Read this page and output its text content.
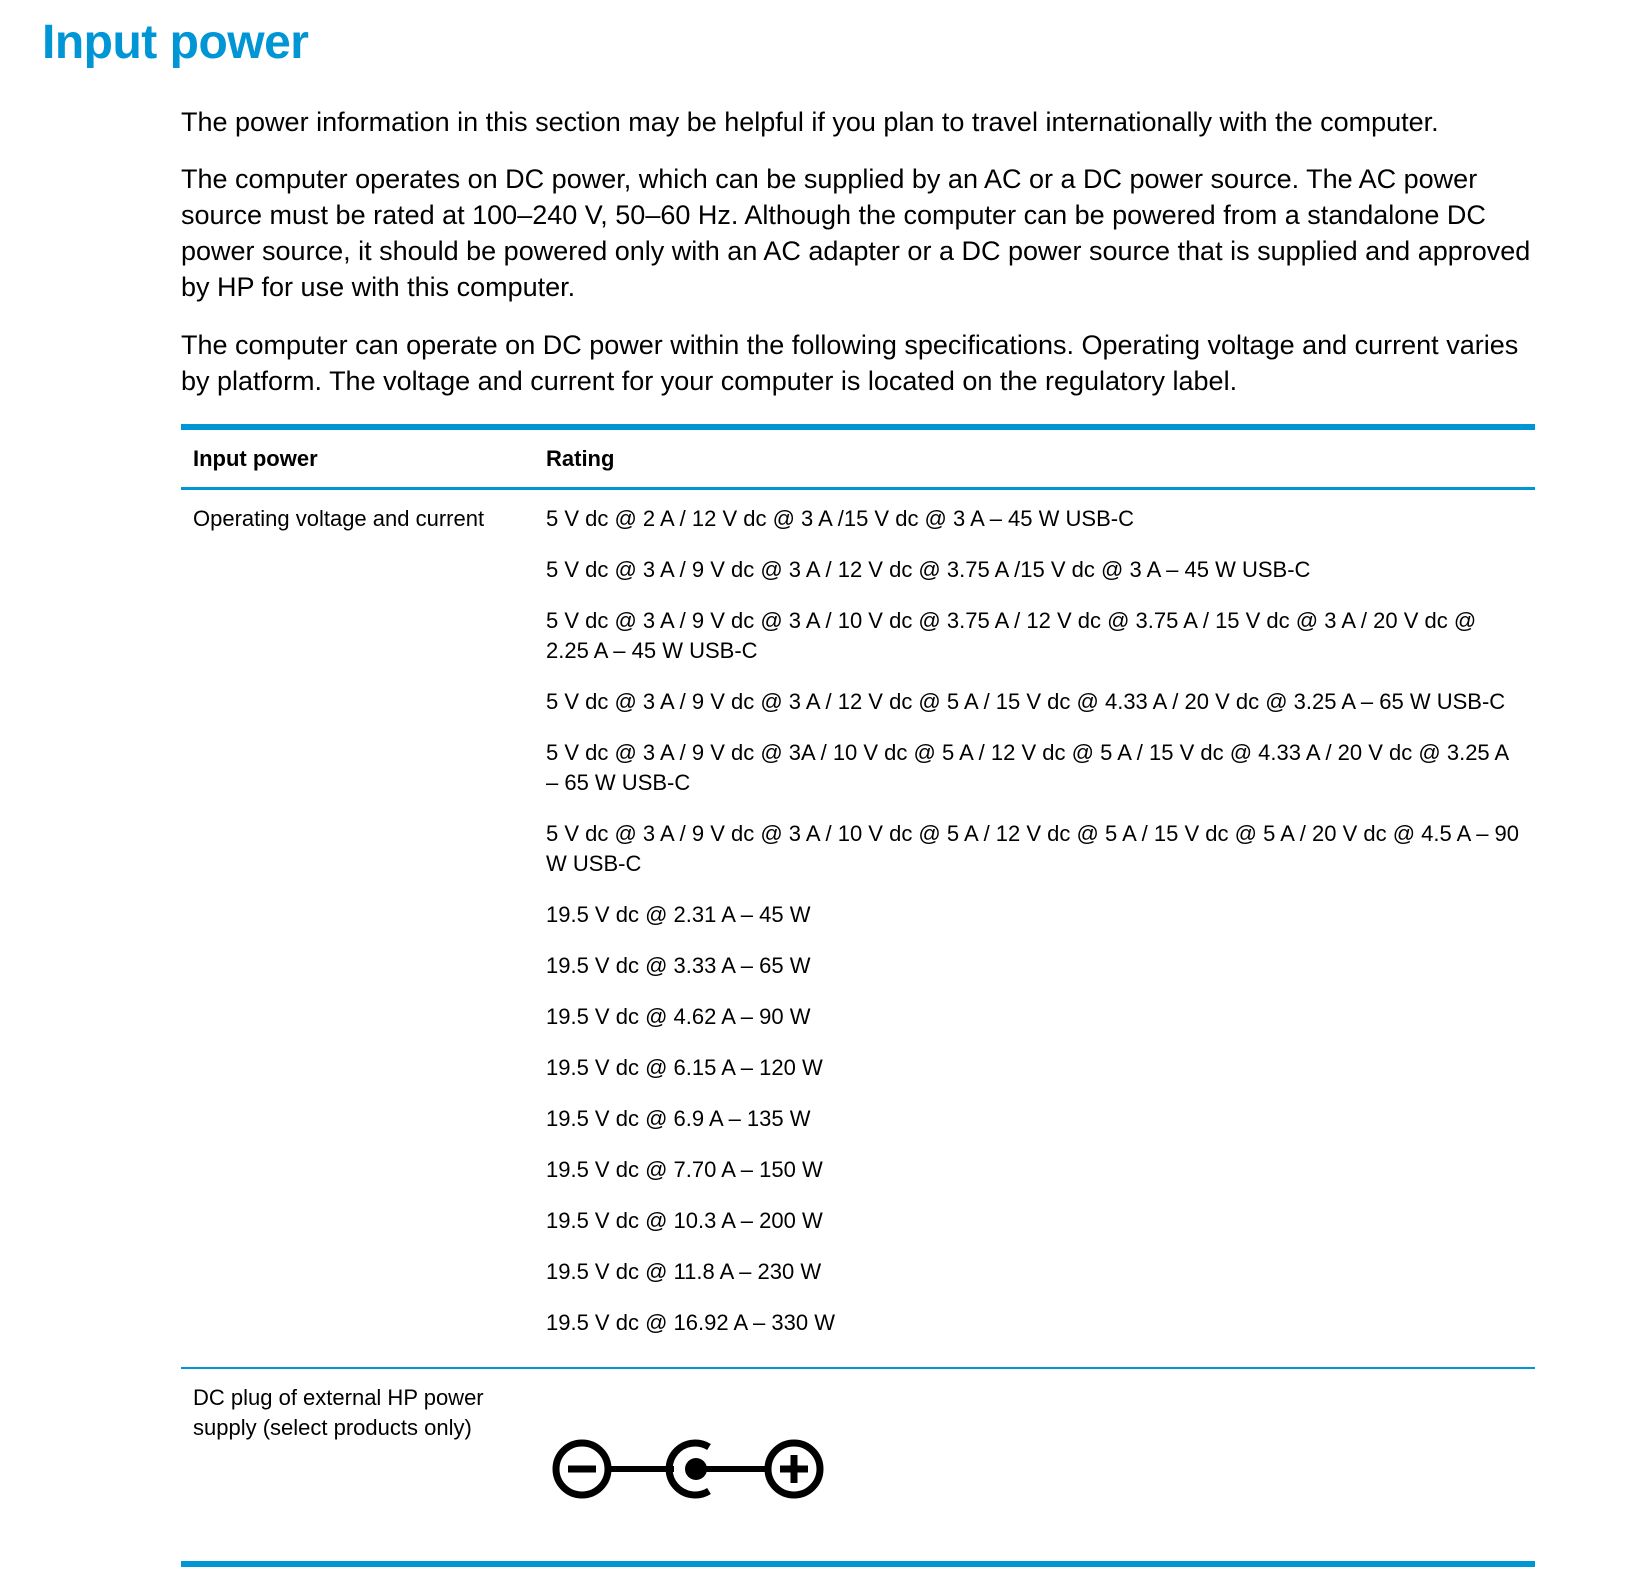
Input power

The power information in this section may be helpful if you plan to travel internationally with the computer.

The computer operates on DC power, which can be supplied by an AC or a DC power source. The AC power source must be rated at 100–240 V, 50–60 Hz. Although the computer can be powered from a standalone DC power source, it should be powered only with an AC adapter or a DC power source that is supplied and approved by HP for use with this computer.

The computer can operate on DC power within the following specifications. Operating voltage and current varies by platform. The voltage and current for your computer is located on the regulatory label.

Input power	Rating
Operating voltage and current	5 V dc @ 2 A / 12 V dc @ 3 A /15 V dc @ 3 A – 45 W USB-C

5 V dc @ 3 A / 9 V dc @ 3 A / 12 V dc @ 3.75 A /15 V dc @ 3 A – 45 W USB-C

5 V dc @ 3 A / 9 V dc @ 3 A / 10 V dc @ 3.75 A / 12 V dc @ 3.75 A / 15 V dc @ 3 A / 20 V dc @ 2.25 A – 45 W USB-C

5 V dc @ 3 A / 9 V dc @ 3 A / 12 V dc @ 5 A / 15 V dc @ 4.33 A / 20 V dc @ 3.25 A – 65 W USB-C

5 V dc @ 3 A / 9 V dc @ 3A / 10 V dc @ 5 A / 12 V dc @ 5 A / 15 V dc @ 4.33 A / 20 V dc @ 3.25 A – 65 W USB-C

5 V dc @ 3 A / 9 V dc @ 3 A / 10 V dc @ 5 A / 12 V dc @ 5 A / 15 V dc @ 5 A / 20 V dc @ 4.5 A – 90 W USB-C

19.5 V dc @ 2.31 A – 45 W

19.5 V dc @ 3.33 A – 65 W

19.5 V dc @ 4.62 A – 90 W

19.5 V dc @ 6.15 A – 120 W

19.5 V dc @ 6.9 A – 135 W

19.5 V dc @ 7.70 A – 150 W

19.5 V dc @ 10.3 A – 200 W

19.5 V dc @ 11.8 A – 230 W

19.5 V dc @ 16.92 A – 330 W

DC plug of external HP power supply (select products only)
